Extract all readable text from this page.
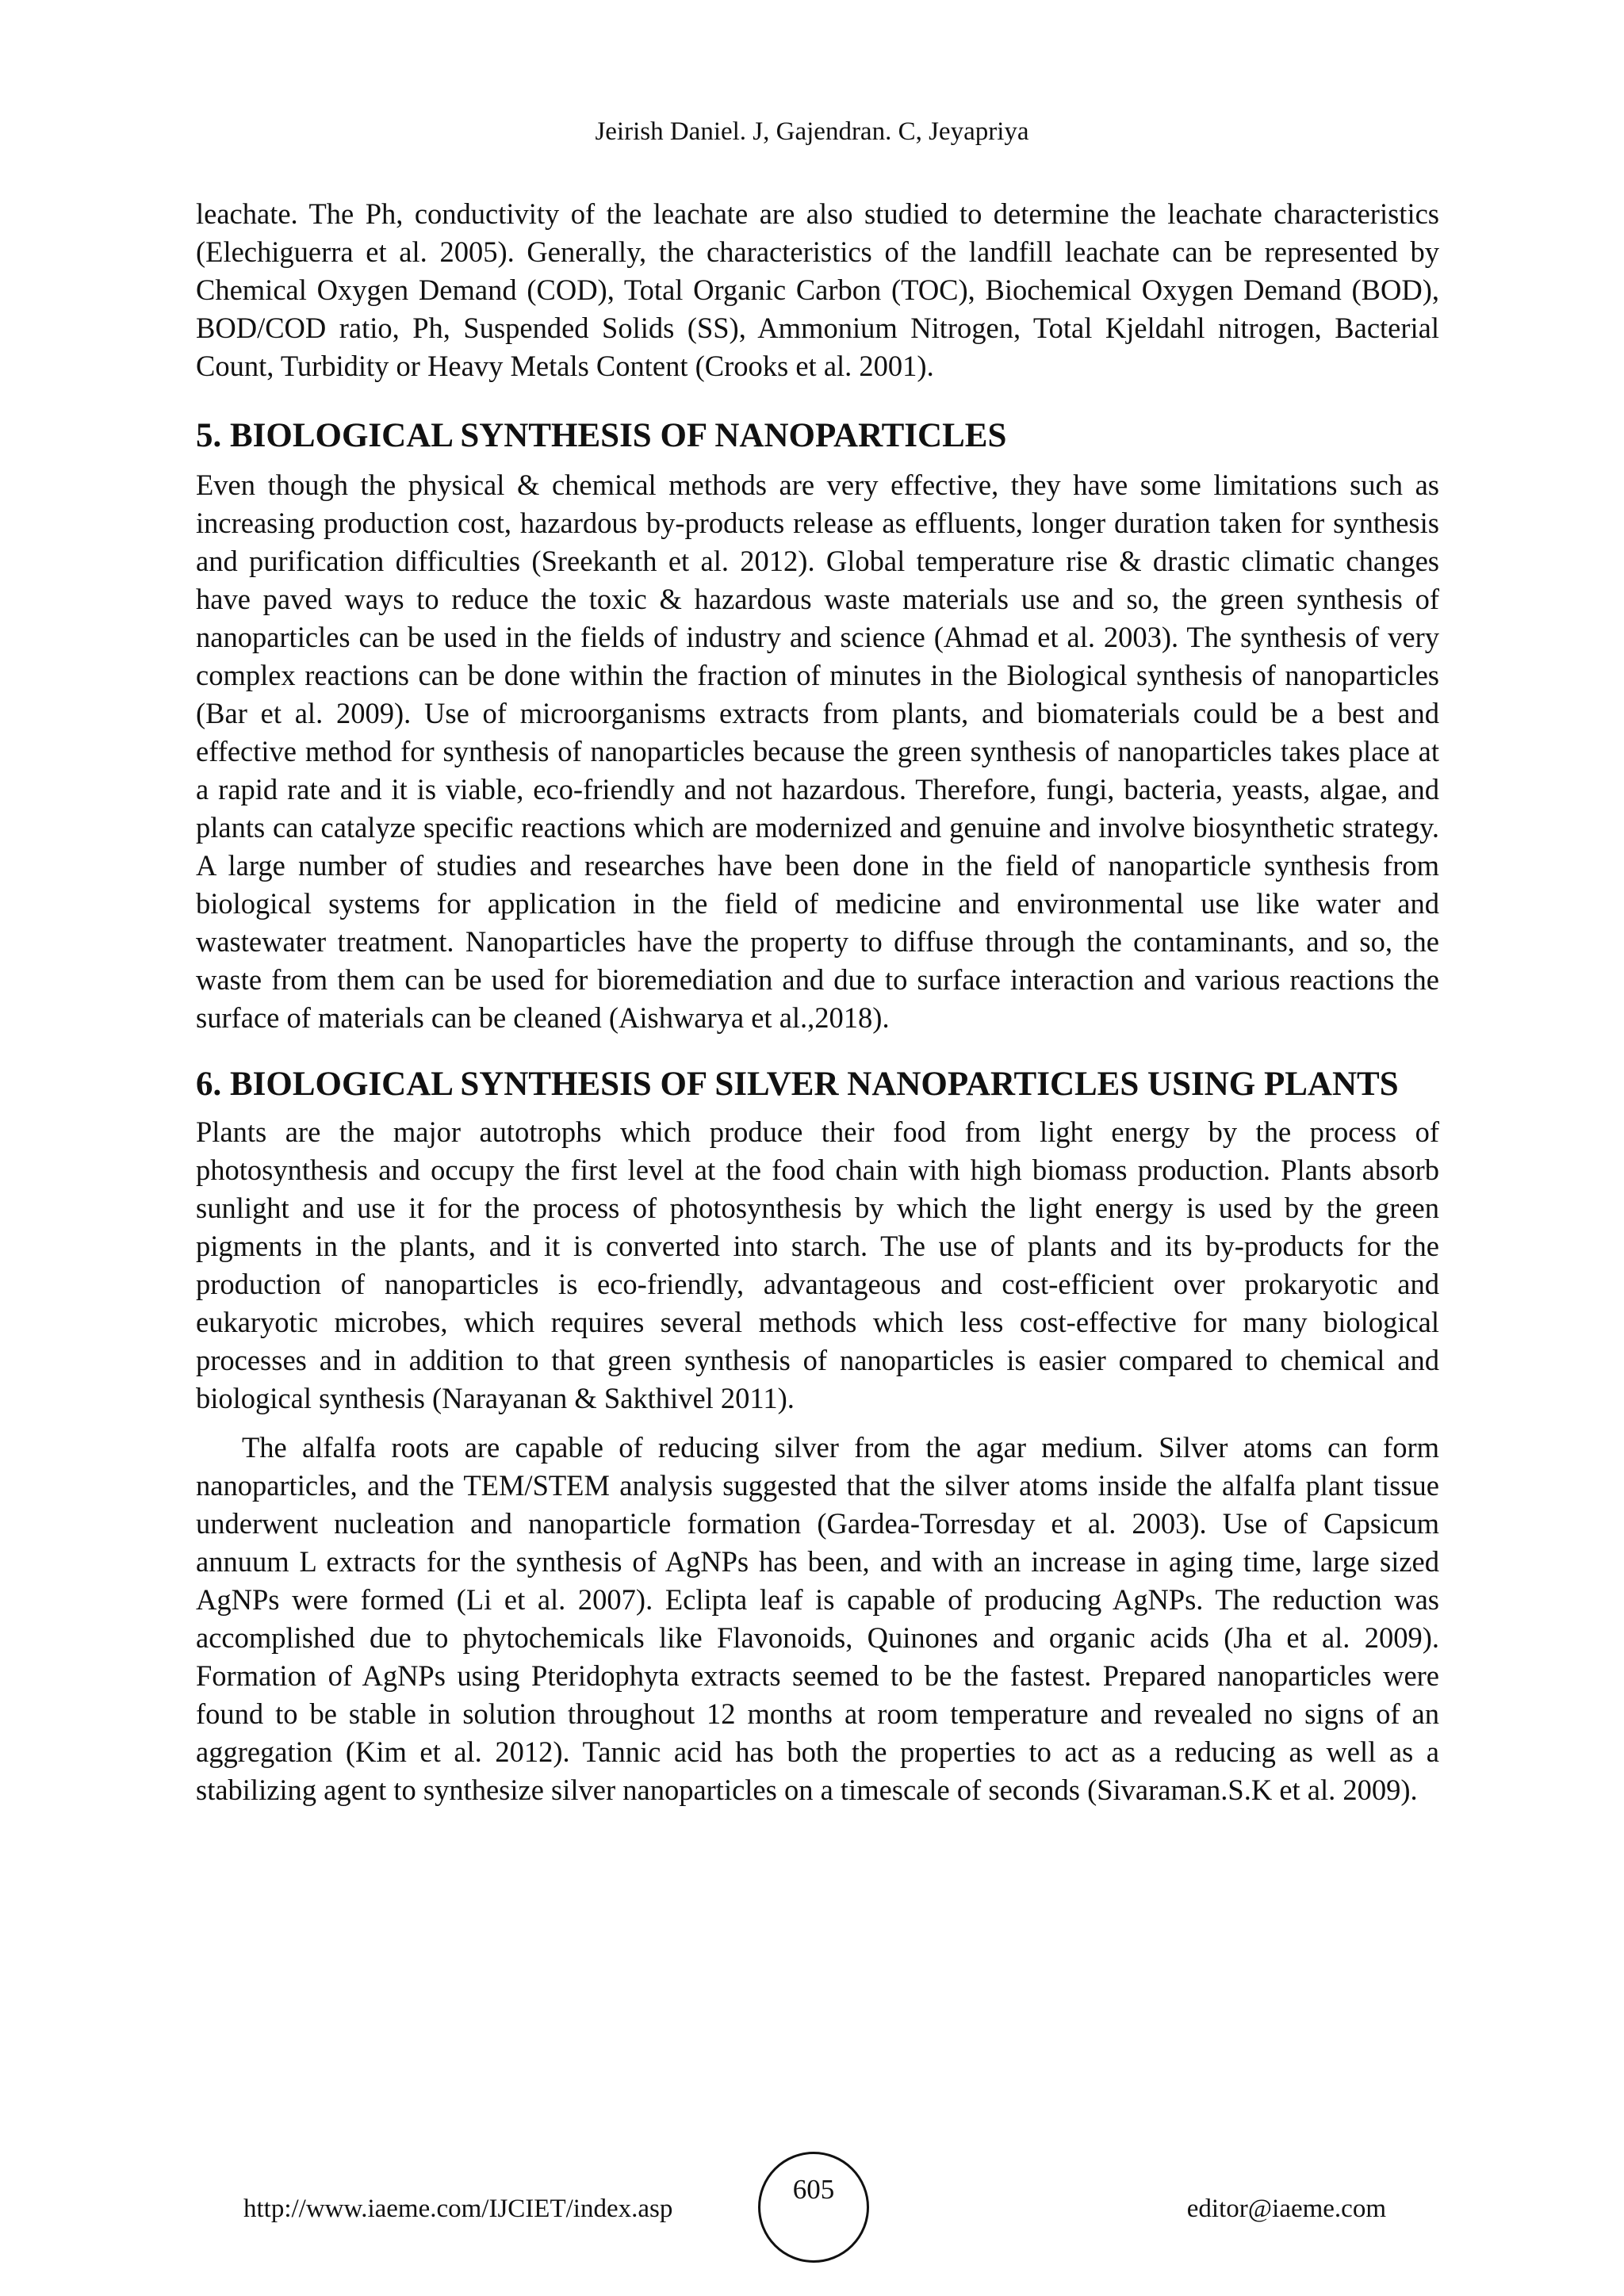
Jeirish Daniel. J, Gajendran. C, Jeyapriya

leachate. The Ph, conductivity of the leachate are also studied to determine the leachate characteristics (Elechiguerra et al. 2005). Generally, the characteristics of the landfill leachate can be represented by Chemical Oxygen Demand (COD), Total Organic Carbon (TOC), Biochemical Oxygen Demand (BOD), BOD/COD ratio, Ph, Suspended Solids (SS), Ammonium Nitrogen, Total Kjeldahl nitrogen, Bacterial Count, Turbidity or Heavy Metals Content (Crooks et al. 2001).

5. BIOLOGICAL SYNTHESIS OF NANOPARTICLES

Even though the physical & chemical methods are very effective, they have some limitations such as increasing production cost, hazardous by-products release as effluents, longer duration taken for synthesis and purification difficulties (Sreekanth et al. 2012). Global temperature rise & drastic climatic changes have paved ways to reduce the toxic & hazardous waste materials use and so, the green synthesis of nanoparticles can be used in the fields of industry and science (Ahmad et al. 2003). The synthesis of very complex reactions can be done within the fraction of minutes in the Biological synthesis of nanoparticles (Bar et al. 2009). Use of microorganisms extracts from plants, and biomaterials could be a best and effective method for synthesis of nanoparticles because the green synthesis of nanoparticles takes place at a rapid rate and it is viable, eco-friendly and not hazardous. Therefore, fungi, bacteria, yeasts, algae, and plants can catalyze specific reactions which are modernized and genuine and involve biosynthetic strategy. A large number of studies and researches have been done in the field of nanoparticle synthesis from biological systems for application in the field of medicine and environmental use like water and wastewater treatment. Nanoparticles have the property to diffuse through the contaminants, and so, the waste from them can be used for bioremediation and due to surface interaction and various reactions the surface of materials can be cleaned (Aishwarya et al.,2018).

6. BIOLOGICAL SYNTHESIS OF SILVER NANOPARTICLES USING PLANTS

Plants are the major autotrophs which produce their food from light energy by the process of photosynthesis and occupy the first level at the food chain with high biomass production. Plants absorb sunlight and use it for the process of photosynthesis by which the light energy is used by the green pigments in the plants, and it is converted into starch. The use of plants and its by-products for the production of nanoparticles is eco-friendly, advantageous and cost-efficient over prokaryotic and eukaryotic microbes, which requires several methods which less cost-effective for many biological processes and in addition to that green synthesis of nanoparticles is easier compared to chemical and biological synthesis (Narayanan & Sakthivel 2011).

The alfalfa roots are capable of reducing silver from the agar medium. Silver atoms can form nanoparticles, and the TEM/STEM analysis suggested that the silver atoms inside the alfalfa plant tissue underwent nucleation and nanoparticle formation (Gardea-Torresday et al. 2003). Use of Capsicum annuum L extracts for the synthesis of AgNPs has been, and with an increase in aging time, large sized AgNPs were formed (Li et al. 2007). Eclipta leaf is capable of producing AgNPs. The reduction was accomplished due to phytochemicals like Flavonoids, Quinones and organic acids (Jha et al. 2009). Formation of AgNPs using Pteridophyta extracts seemed to be the fastest. Prepared nanoparticles were found to be stable in solution throughout 12 months at room temperature and revealed no signs of an aggregation (Kim et al. 2012). Tannic acid has both the properties to act as a reducing as well as a stabilizing agent to synthesize silver nanoparticles on a timescale of seconds (Sivaraman.S.K et al. 2009).

http://www.iaeme.com/IJCIET/index.asp
605
editor@iaeme.com
